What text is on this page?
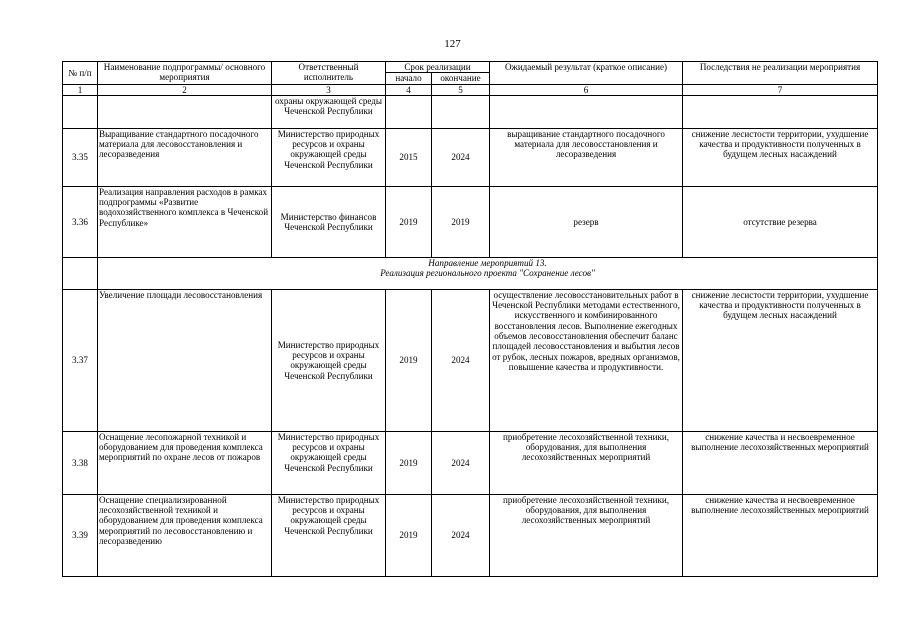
127
№ п/п	Наименование подпрограммы/ основного мероприятия	Ответственный исполнитель	Срок реализации		Ожидаемый результат (краткое описание)	Последствия не реализации мероприятия
			начало	окончание		
1	2	3	4	5	6	7
		охраны окружающей среды Чеченской Республики				
3.35	Выращивание стандартного посадочного материала для лесовосстановления и лесоразведения	Министерство природных ресурсов и охраны окружающей среды Чеченской Республики	2015	2024	выращивание стандартного посадочного материала для лесовосстановления и лесоразведения	снижение лесистости территории, ухудшение качества и продуктивности полученных в будущем лесных насаждений
3.36	Реализация направления расходов в рамках подпрограммы «Развитие водохозяйственного комплекса в Чеченской Республике»	Министерство финансов Чеченской Республики	2019	2019	резерв	отсутствие резерва

	Направление мероприятий 13.
Реализация регионального проекта "Сохранение лесов"					

3.37	Увеличение площади лесовосстановления	Министерство природных ресурсов и охраны окружающей среды Чеченской Республики	2019	2024	осуществление лесовосстановительных работ в Чеченской Республики методами естественного, искусственного и комбинированного восстановления лесов. Выполнение ежегодных объемов лесовосстановления обеспечит баланс площадей лесовосстановления и выбытия лесов от рубок, лесных пожаров, вредных организмов, повышение качества и продуктивности.	снижение лесистости территории, ухудшение качества и продуктивности полученных в будущем лесных насаждений
3.38	Оснащение лесопожарной техникой и оборудованием для проведения комплекса мероприятий по охране лесов от пожаров	Министерство природных ресурсов и охраны окружающей среды Чеченской Республики	2019	2024	приобретение лесохозяйственной техники, оборудования, для выполнения лесохозяйственных мероприятий	снижение качества и несвоевременное выполнение лесохозяйственных мероприятий
3.39	Оснащение специализированной лесохозяйственной техникой и оборудованием для проведения комплекса мероприятий по лесовосстановлению и лесоразведению	Министерство природных ресурсов и охраны окружающей среды Чеченской Республики	2019	2024	приобретение лесохозяйственной техники, оборудования, для выполнения лесохозяйственных мероприятий	снижение качества и несвоевременное выполнение лесохозяйственных мероприятий
